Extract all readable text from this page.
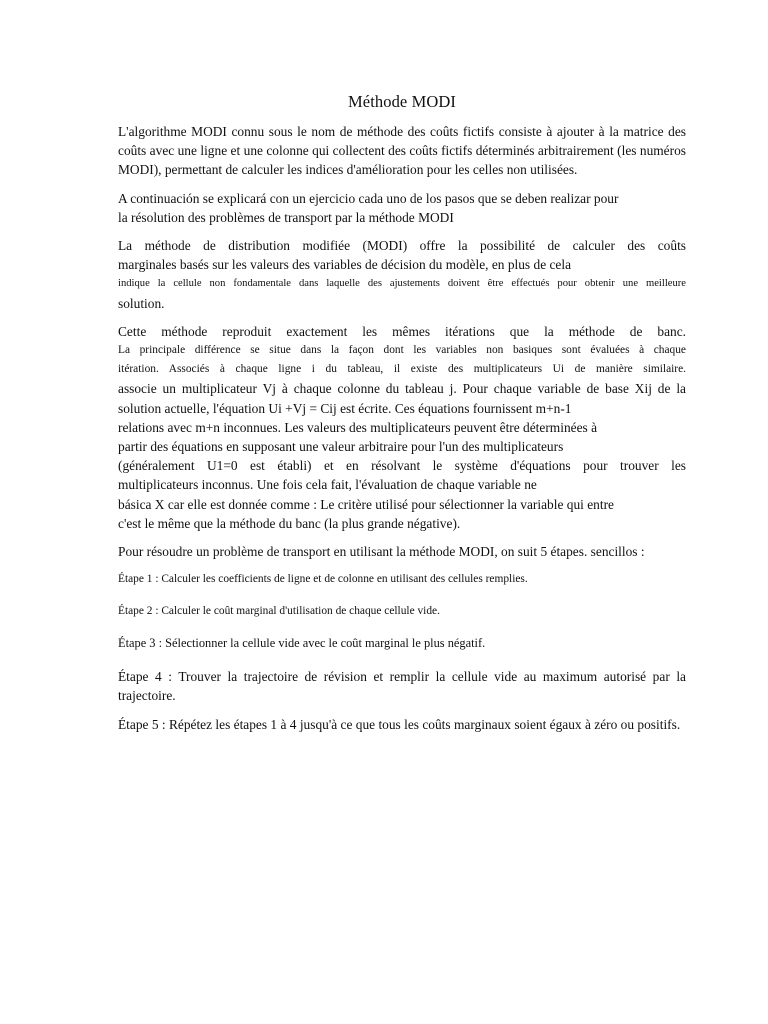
Méthode MODI

L'algorithme MODI connu sous le nom de méthode des coûts fictifs consiste à ajouter à la matrice des coûts avec une ligne et une colonne qui collectent des coûts fictifs déterminés arbitrairement (les numéros MODI), permettant de calculer les indices d'amélioration pour les celles non utilisées.

A continuación se explicará con un ejercicio cada uno de los pasos que se deben realizar pour
la résolution des problèmes de transport par la méthode MODI

La méthode de distribution modifiée (MODI) offre la possibilité de calculer des coûts
marginales basés sur les valeurs des variables de décision du modèle, en plus de cela
indique la cellule non fondamentale dans laquelle des ajustements doivent être effectués pour obtenir une meilleure
solution.

Cette méthode reproduit exactement les mêmes itérations que la méthode de banc.
La principale différence se situe dans la façon dont les variables non basiques sont évaluées à chaque
itération. Associés à chaque ligne i du tableau, il existe des multiplicateurs Ui de manière similaire.
associe un multiplicateur Vj à chaque colonne du tableau j. Pour chaque variable de base Xij de la
solution actuelle, l'équation Ui +Vj = Cij est écrite. Ces équations fournissent m+n-1
relations avec m+n inconnues. Les valeurs des multiplicateurs peuvent être déterminées à
partir des équations en supposant une valeur arbitraire pour l'un des multiplicateurs
(généralement U1=0 est établi) et en résolvant le système d'équations pour trouver les
multiplicateurs inconnus. Une fois cela fait, l'évaluation de chaque variable ne
básica X car elle est donnée comme : Le critère utilisé pour sélectionner la variable qui entre
c'est le même que la méthode du banc (la plus grande négative).

Pour résoudre un problème de transport en utilisant la méthode MODI, on suit 5 étapes. sencillos :

Étape 1 : Calculer les coefficients de ligne et de colonne en utilisant des cellules remplies.

Étape 2 : Calculer le coût marginal d'utilisation de chaque cellule vide.

Étape 3 : Sélectionner la cellule vide avec le coût marginal le plus négatif.

Étape 4 : Trouver la trajectoire de révision et remplir la cellule vide au maximum autorisé par la trajectoire.

Étape 5 : Répétez les étapes 1 à 4 jusqu'à ce que tous les coûts marginaux soient égaux à zéro ou positifs.
